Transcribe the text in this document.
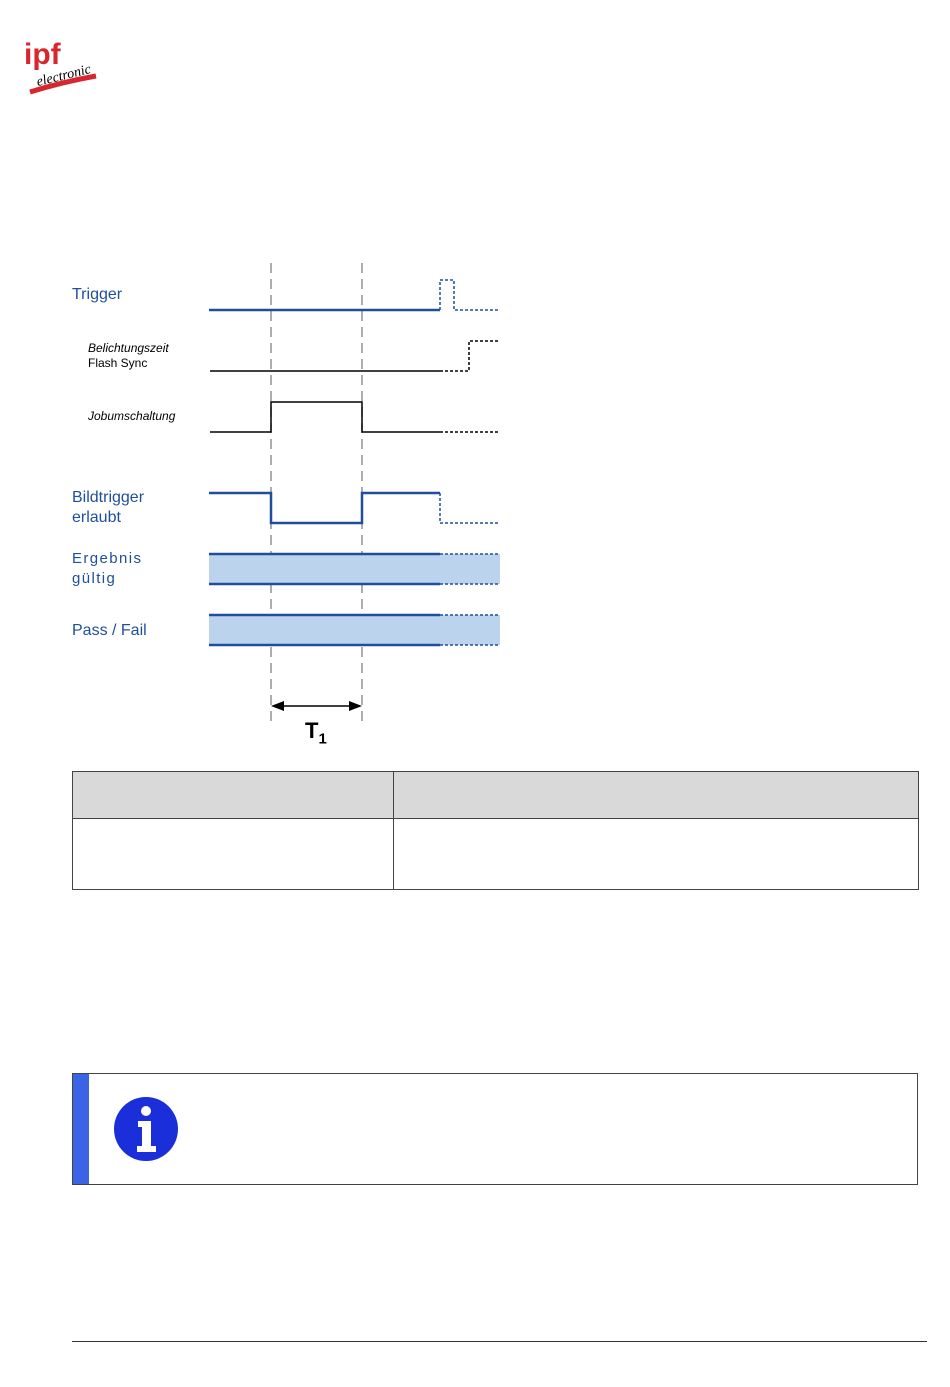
ipf
electronic
Trigger
Belichtungszeit
Flash Sync
Jobumschaltung
Bildtrigger
erlaubt
Ergebnis
gültig
Pass / Fail
$T_1$
